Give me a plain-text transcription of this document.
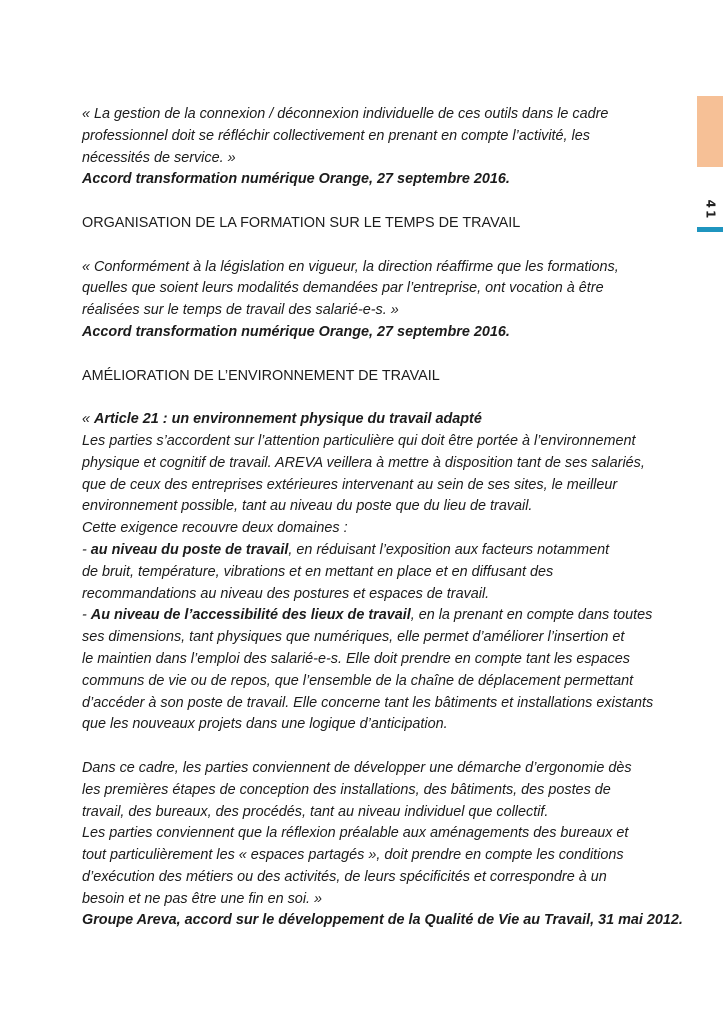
41
« La gestion de la connexion / déconnexion individuelle de ces outils dans le cadre
professionnel doit se réfléchir collectivement en prenant en compte l’activité, les
nécessités de service. »
Accord transformation numérique Orange, 27 septembre 2016.
ORGANISATION DE LA FORMATION SUR LE TEMPS DE TRAVAIL
« Conformément à la législation en vigueur, la direction réaffirme que les formations,
quelles que soient leurs modalités demandées par l’entreprise, ont vocation à être
réalisées sur le temps de travail des salarié-e-s. »
Accord transformation numérique Orange, 27 septembre 2016.
AMÉLIORATION DE L’ENVIRONNEMENT DE TRAVAIL
« Article 21 : un environnement physique du travail adapté
Les parties s’accordent sur l’attention particulière qui doit être portée à l’environnement
physique et cognitif de travail. AREVA veillera à mettre à disposition tant de ses salariés,
que de ceux des entreprises extérieures intervenant au sein de ses sites, le meilleur
environnement possible, tant au niveau du poste que du lieu de travail.
Cette exigence recouvre deux domaines :
- au niveau du poste de travail, en réduisant l’exposition aux facteurs notamment
de bruit, température, vibrations et en mettant en place et en diffusant des
recommandations au niveau des postures et espaces de travail.
- Au niveau de l’accessibilité des lieux de travail, en la prenant en compte dans toutes
ses dimensions, tant physiques que numériques, elle permet d’améliorer l’insertion et
le maintien dans l’emploi des salarié-e-s. Elle doit prendre en compte tant les espaces
communs de vie ou de repos, que l’ensemble de la chaîne de déplacement permettant
d’accéder à son poste de travail. Elle concerne tant les bâtiments et installations existants
que les nouveaux projets dans une logique d’anticipation.
Dans ce cadre, les parties conviennent de développer une démarche d’ergonomie dès
les premières étapes de conception des installations, des bâtiments, des postes de
travail, des bureaux, des procédés, tant au niveau individuel que collectif.
Les parties conviennent que la réflexion préalable aux aménagements des bureaux et
tout particulièrement les « espaces partagés », doit prendre en compte les conditions
d’exécution des métiers ou des activités, de leurs spécificités et correspondre à un
besoin et ne pas être une fin en soi. »
Groupe Areva, accord sur le développement de la Qualité de Vie au Travail, 31 mai 2012.
